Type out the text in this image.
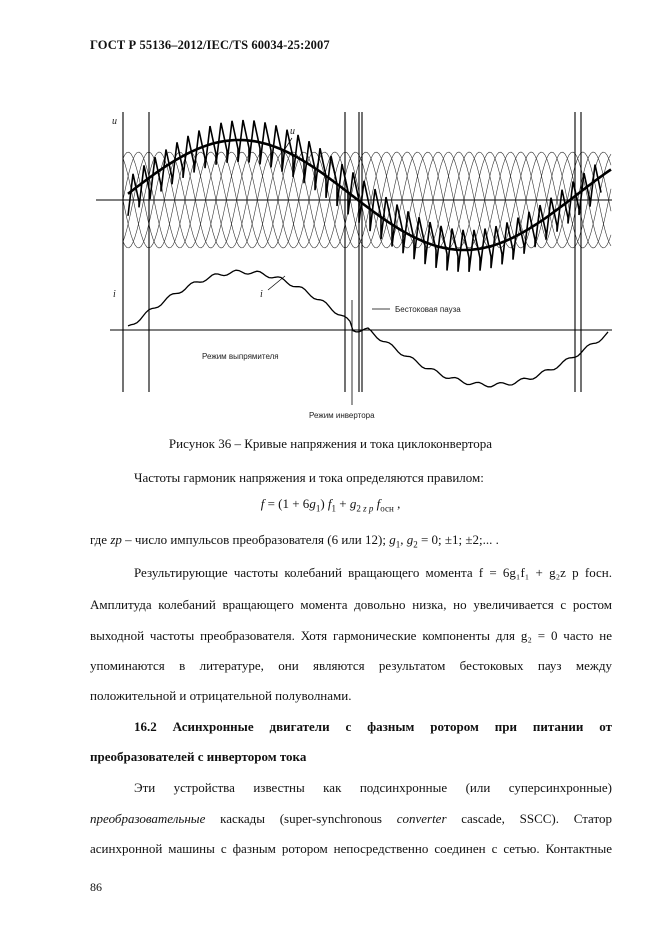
ГОСТ Р 55136–2012/IEC/TS 60034-25:2007
u
u
i	i
Бестоковая пауза
Режим выпрямителя
Режим инвертора
Рисунок 36 – Кривые напряжения и тока циклоконвертора
Частоты гармоник напряжения и тока определяются правилом:
$f = (1 + 6g_1)$ $f_1 + g_{2 z p}$ $f_{осн}$ ,
где zp – число импульсов преобразователя (6 или 12); $g_1$, $g_2 = 0$; ±1; ±2;... .
Результирующие частоты колебаний вращающего момента f = 6g₁f₁ + g₂z p fосн.
Амплитуда колебаний вращающего момента довольно низка, но увеличивается с ростом
выходной частоты преобразователя. Хотя гармонические компоненты для g₂ = 0 часто не
упоминаются в литературе, они являются результатом бестоковых пауз между
положительной и отрицательной полуволнами.
16.2 Асинхронные двигатели с фазным ротором при питании от
преобразователей с инвертором тока
Эти устройства известны как подсинхронные (или суперсинхронные)
преобразовательные каскады (super-synchronous converter cascade, SSCC). Статор
асинхронной машины с фазным ротором непосредственно соединен с сетью. Контактные
86
